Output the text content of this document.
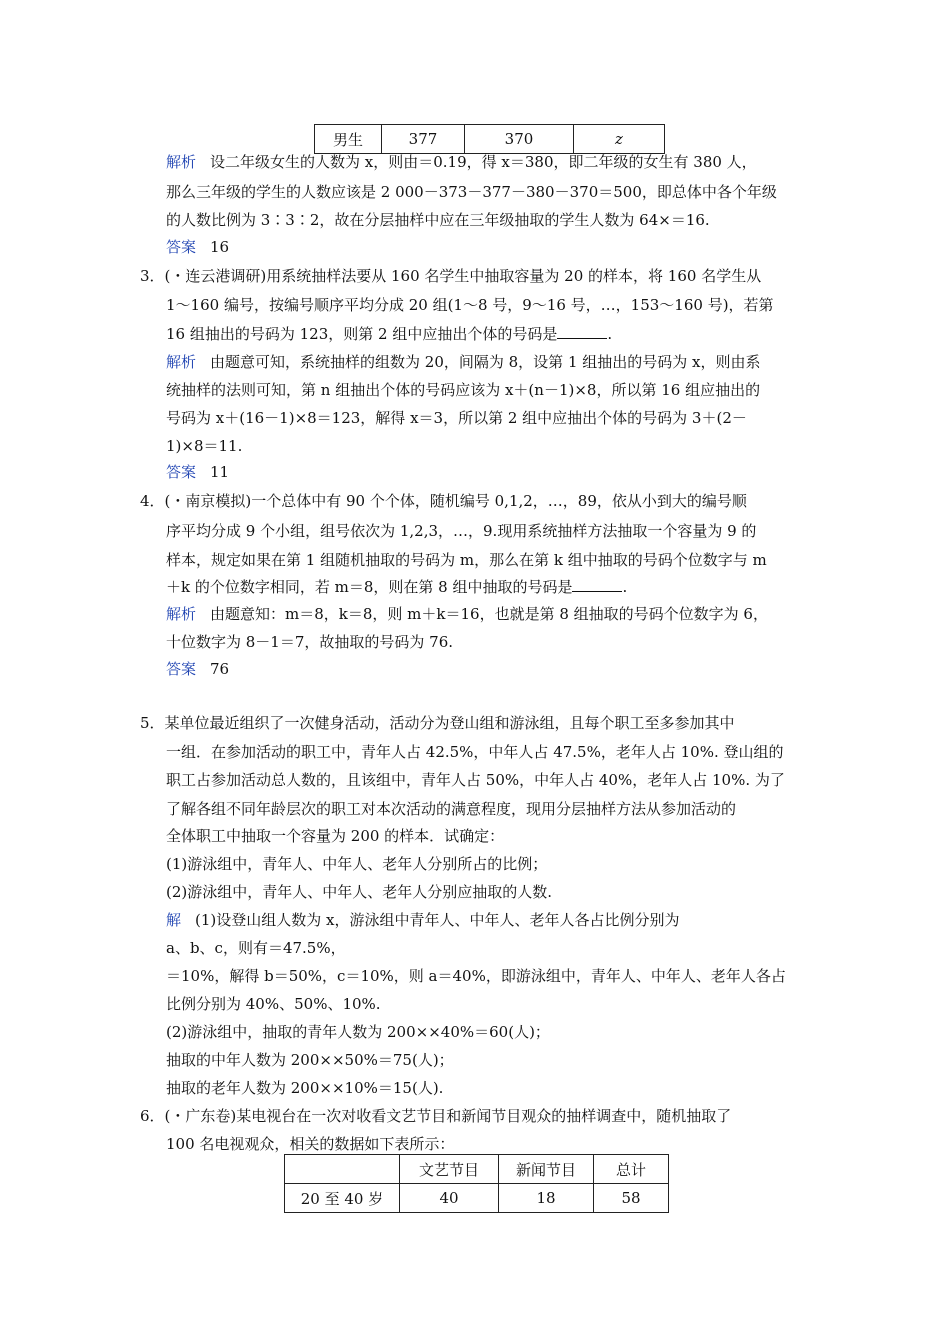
男生	377	370	z
解析 设二年级女生的人数为 x，则由＝0.19，得 x＝380，即二年级的女生有 380 人，
那么三年级的学生的人数应该是 2 000－373－377－380－370＝500，即总体中各个年级
的人数比例为 3∶3∶2，故在分层抽样中应在三年级抽取的学生人数为 64×＝16.
答案 16
3．(・连云港调研)用系统抽样法要从 160 名学生中抽取容量为 20 的样本，将 160 名学生从
1～160 编号，按编号顺序平均分成 20 组(1～8 号，9～16 号，…，153～160 号)，若第
16 组抽出的号码为 123，则第 2 组中应抽出个体的号码是	.
解析 由题意可知，系统抽样的组数为 20，间隔为 8，设第 1 组抽出的号码为 x，则由系
统抽样的法则可知，第 n 组抽出个体的号码应该为 x＋(n－1)×8，所以第 16 组应抽出的
号码为 x＋(16－1)×8＝123，解得 x＝3，所以第 2 组中应抽出个体的号码为 3＋(2－
1)×8＝11.
答案 11
4．(・南京模拟)一个总体中有 90 个个体，随机编号 0,1,2，…，89，依从小到大的编号顺
序平均分成 9 个小组，组号依次为 1,2,3，…，9.现用系统抽样方法抽取一个容量为 9 的
样本，规定如果在第 1 组随机抽取的号码为 m，那么在第 k 组中抽取的号码个位数字与 m
＋k 的个位数字相同，若 m＝8，则在第 8 组中抽取的号码是	.
解析 由题意知：m＝8，k＝8，则 m＋k＝16，也就是第 8 组抽取的号码个位数字为 6，
十位数字为 8－1＝7，故抽取的号码为 76.
答案 76
5．某单位最近组织了一次健身活动，活动分为登山组和游泳组，且每个职工至多参加其中
一组．在参加活动的职工中，青年人占 42.5%，中年人占 47.5%，老年人占 10%. 登山组的
职工占参加活动总人数的，且该组中，青年人占 50%，中年人占 40%，老年人占 10%. 为了
了解各组不同年龄层次的职工对本次活动的满意程度，现用分层抽样方法从参加活动的
全体职工中抽取一个容量为 200 的样本．试确定：
(1)游泳组中，青年人、中年人、老年人分别所占的比例；
(2)游泳组中，青年人、中年人、老年人分别应抽取的人数.
解 (1)设登山组人数为 x，游泳组中青年人、中年人、老年人各占比例分别为
a、b、c，则有＝47.5%，
＝10%，解得 b＝50%，c＝10%，则 a＝40%，即游泳组中，青年人、中年人、老年人各占
比例分别为 40%、50%、10%.
(2)游泳组中，抽取的青年人数为 200××40%＝60(人)；
抽取的中年人数为 200××50%＝75(人)；
抽取的老年人数为 200××10%＝15(人).
6．(・广东卷)某电视台在一次对收看文艺节目和新闻节目观众的抽样调查中，随机抽取了
100 名电视观众，相关的数据如下表所示：
	文艺节目	新闻节目	总计
20 至 40 岁	40	18	58
